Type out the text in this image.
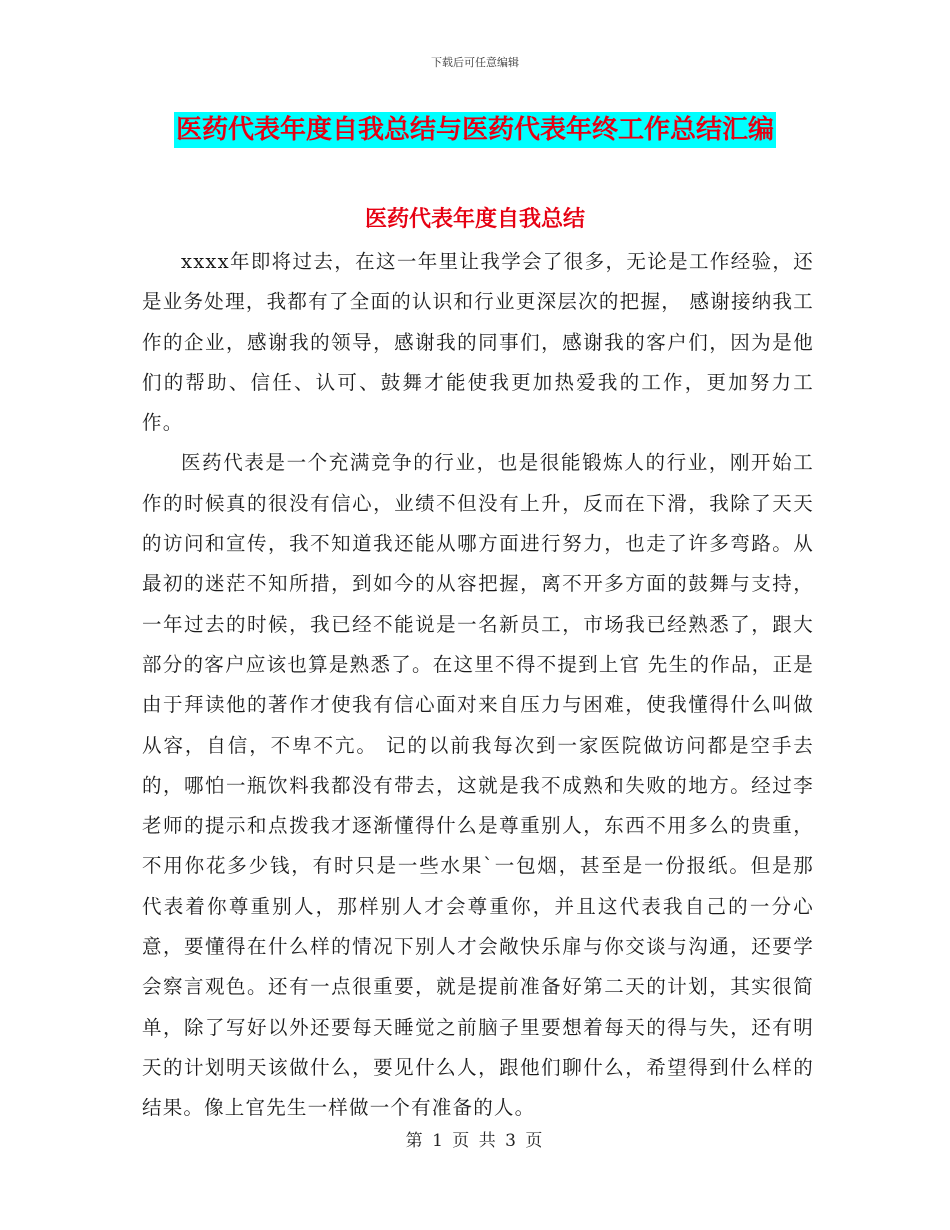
下载后可任意编辑
医药代表年度自我总结与医药代表年终工作总结汇编
医药代表年度自我总结

xxxx年即将过去，在这一年里让我学会了很多，无论是工作经验，还是业务处理，我都有了全面的认识和行业更深层次的把握， 感谢接纳我工作的企业，感谢我的领导，感谢我的同事们，感谢我的客户们，因为是他们的帮助、信任、认可、鼓舞才能使我更加热爱我的工作，更加努力工作。

医药代表是一个充满竞争的行业，也是很能锻炼人的行业，刚开始工作的时候真的很没有信心，业绩不但没有上升，反而在下滑，我除了天天的访问和宣传，我不知道我还能从哪方面进行努力，也走了许多弯路。从最初的迷茫不知所措，到如今的从容把握，离不开多方面的鼓舞与支持，一年过去的时候，我已经不能说是一名新员工，市场我已经熟悉了，跟大部分的客户应该也算是熟悉了。在这里不得不提到上官 先生的作品，正是由于拜读他的著作才使我有信心面对来自压力与困难，使我懂得什么叫做从容，自信，不卑不亢。 记的以前我每次到一家医院做访问都是空手去的，哪怕一瓶饮料我都没有带去，这就是我不成熟和失败的地方。经过李老师的提示和点拨我才逐渐懂得什么是尊重别人，东西不用多么的贵重，不用你花多少钱，有时只是一些水果`一包烟，甚至是一份报纸。但是那代表着你尊重别人，那样别人才会尊重你，并且这代表我自己的一分心意，要懂得在什么样的情况下别人才会敞快乐扉与你交谈与沟通，还要学会察言观色。还有一点很重要，就是提前准备好第二天的计划，其实很简单，除了写好以外还要每天睡觉之前脑子里要想着每天的得与失，还有明天的计划明天该做什么，要见什么人，跟他们聊什么，希望得到什么样的结果。像上官先生一样做一个有准备的人。

第 1 页 共 3 页
